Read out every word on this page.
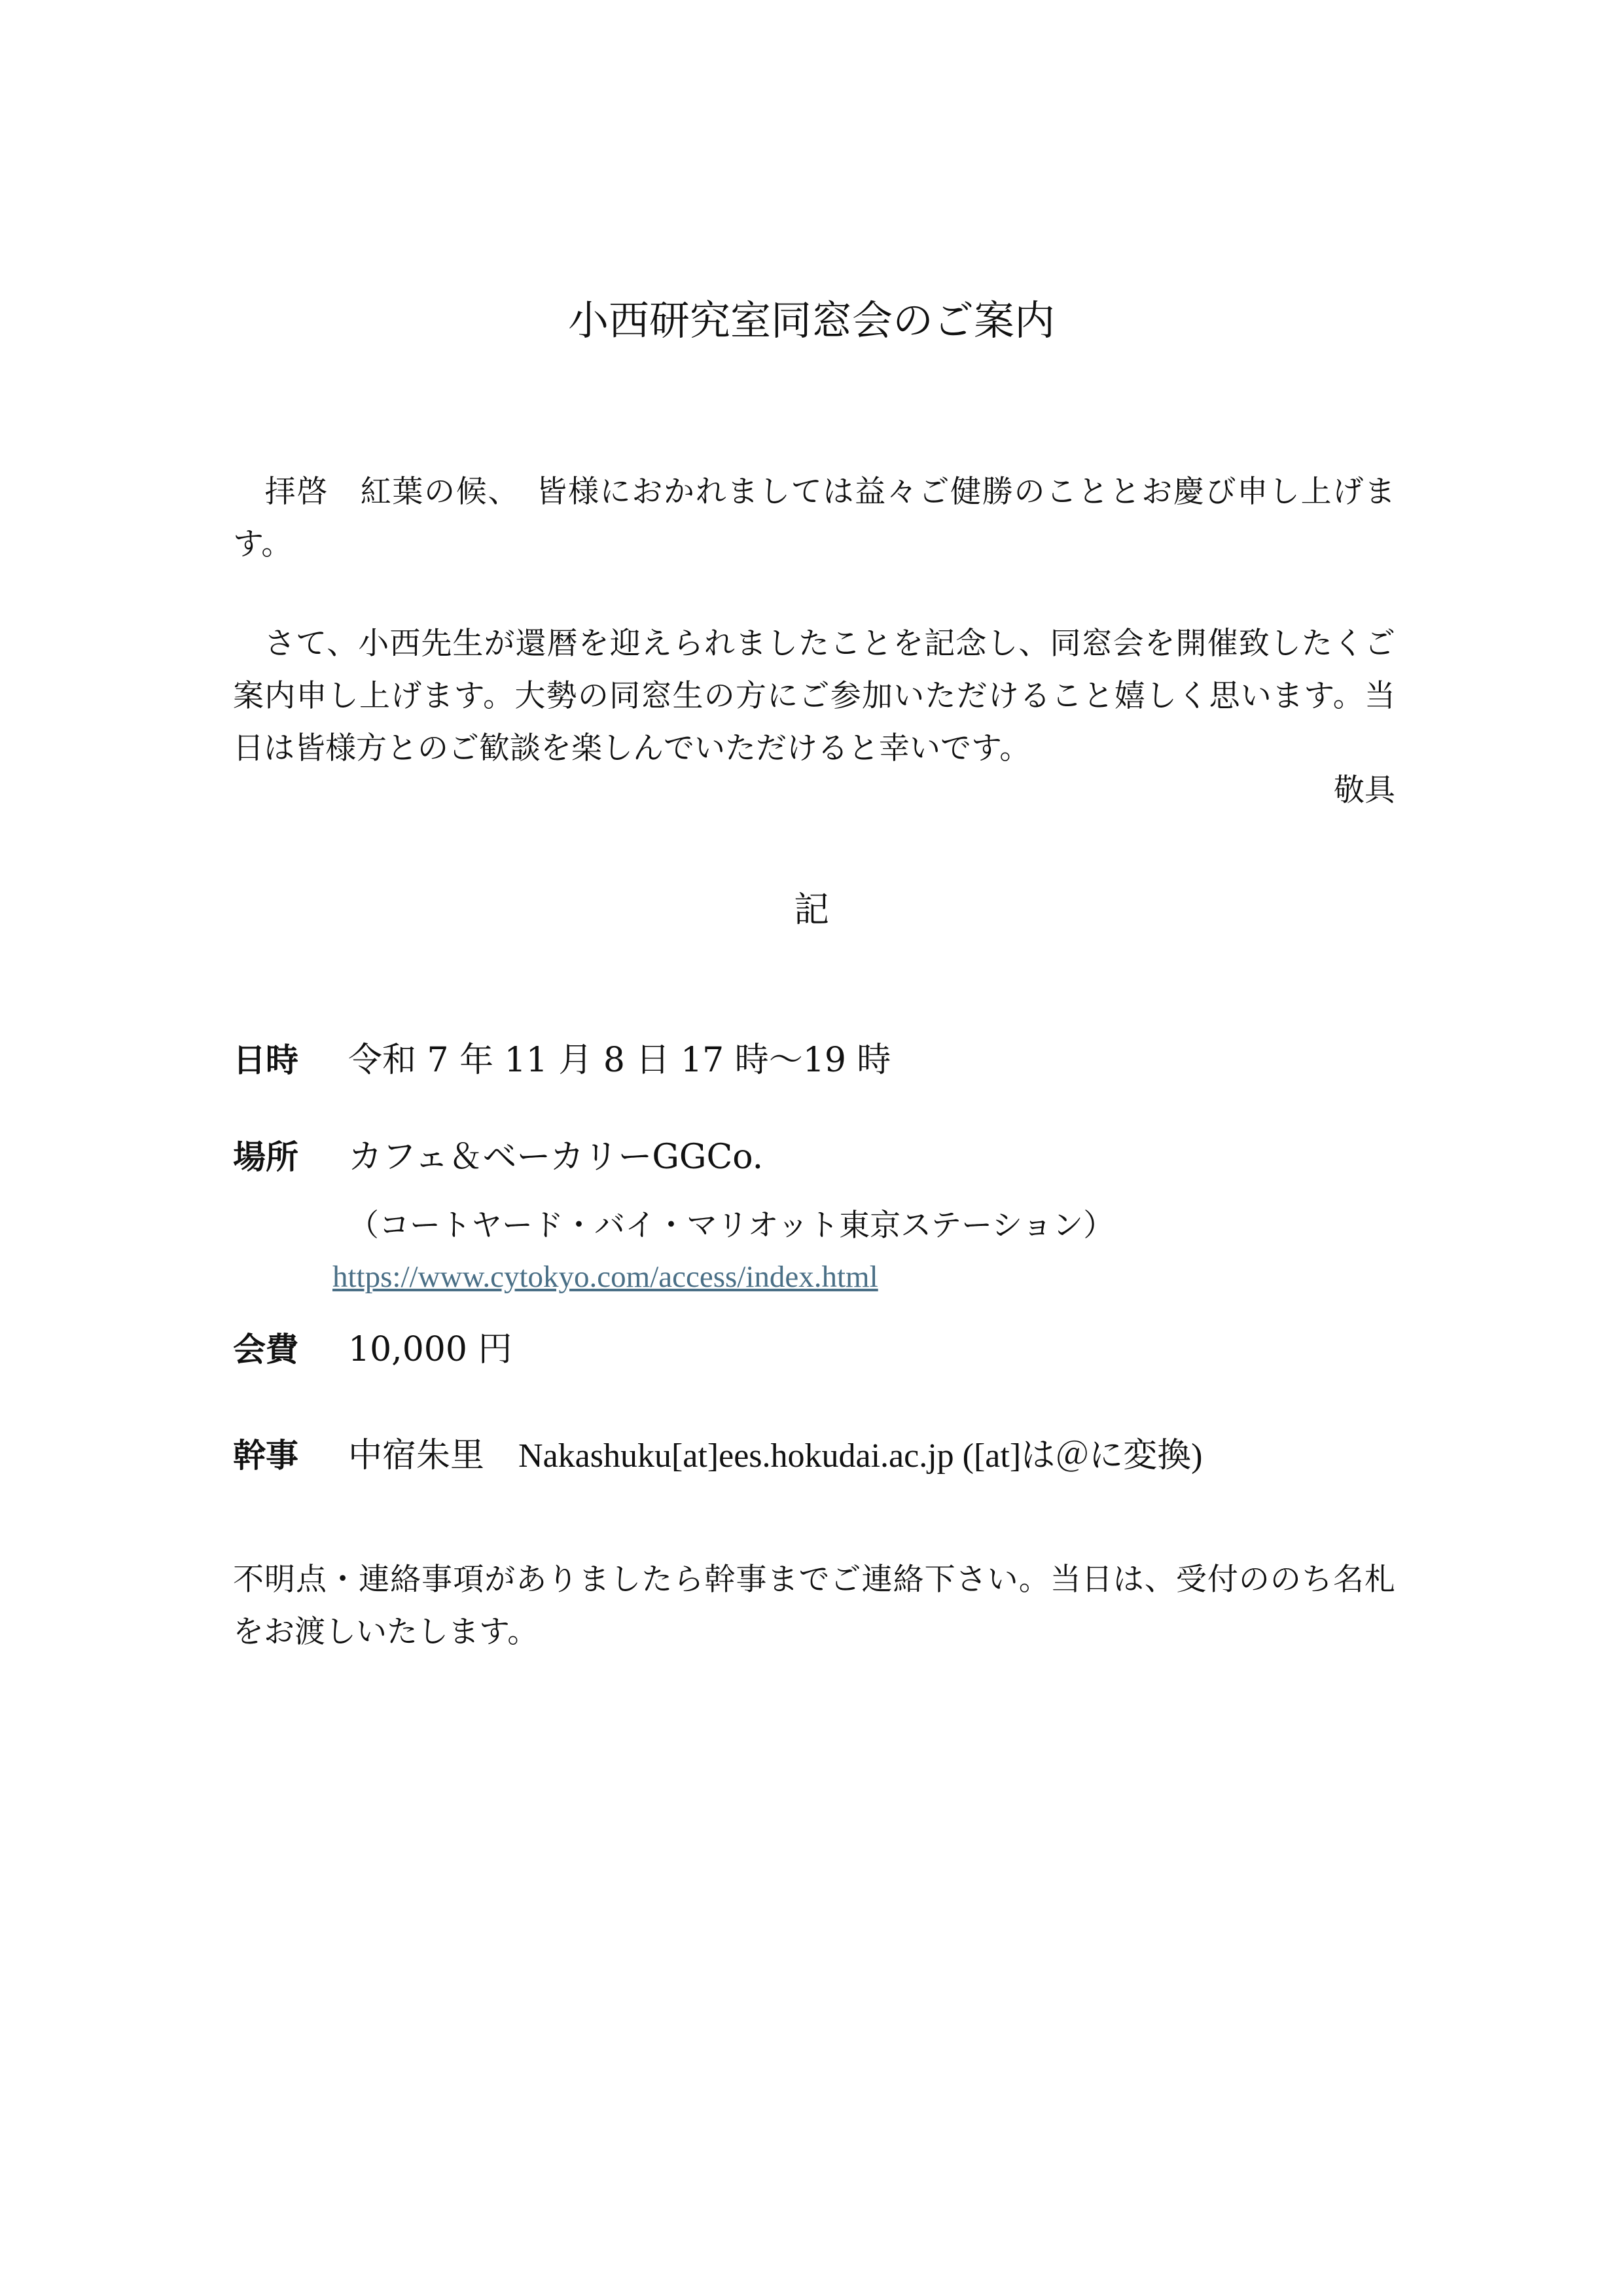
小西研究室同窓会のご案内
 拝啓　紅葉の候、　皆様におかれましては益々ご健勝のこととお慶び申し上げます。
 さて、小西先生が還暦を迎えられましたことを記念し、同窓会を開催致したくご案内申し上げます。大勢の同窓生の方にご参加いただけること嬉しく思います。当日は皆様方とのご歓談を楽しんでいただけると幸いです。
敬具
記
日時 令和 7 年 11 月 8 日 17 時～19 時
場所 カフェ＆ベーカリーGGCo.
（コートヤード・バイ・マリオット東京ステーション）
https://www.cytokyo.com/access/index.html
会費 10,000 円
幹事 中宿朱里  Nakashuku[at]ees.hokudai.ac.jp ([at]は＠に変換)
不明点・連絡事項がありましたら幹事までご連絡下さい。当日は、受付ののち名札をお渡しいたします。
